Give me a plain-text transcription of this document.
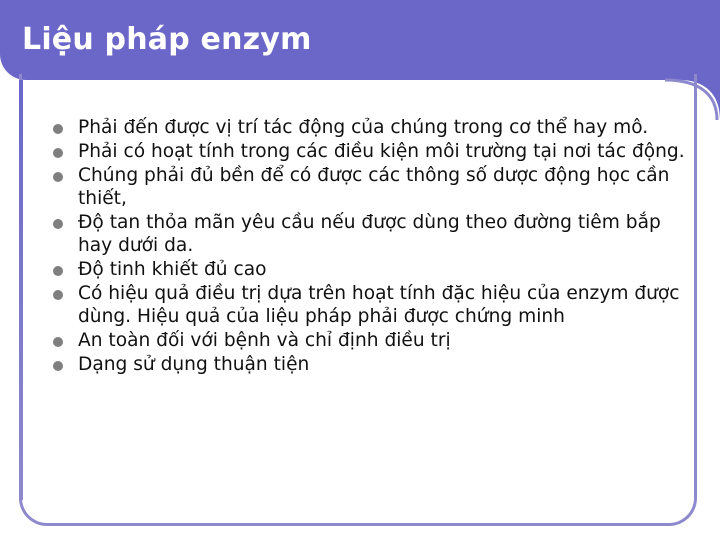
Liệu pháp enzym
Phải đến được vị trí tác động của chúng trong cơ thể hay mô.
Phải có hoạt tính trong các điều kiện môi trường tại nơi tác động.
Chúng phải đủ bền để có được các thông số dược động học cần thiết,
Độ tan thỏa mãn yêu cầu nếu được dùng theo đường tiêm bắp hay dưới da.
Độ tinh khiết đủ cao
Có hiệu quả điều trị dựa trên hoạt tính đặc hiệu của enzym được dùng. Hiệu quả của liệu pháp phải được chứng minh
An toàn đối với bệnh và chỉ định điều trị
Dạng sử dụng thuận tiện
